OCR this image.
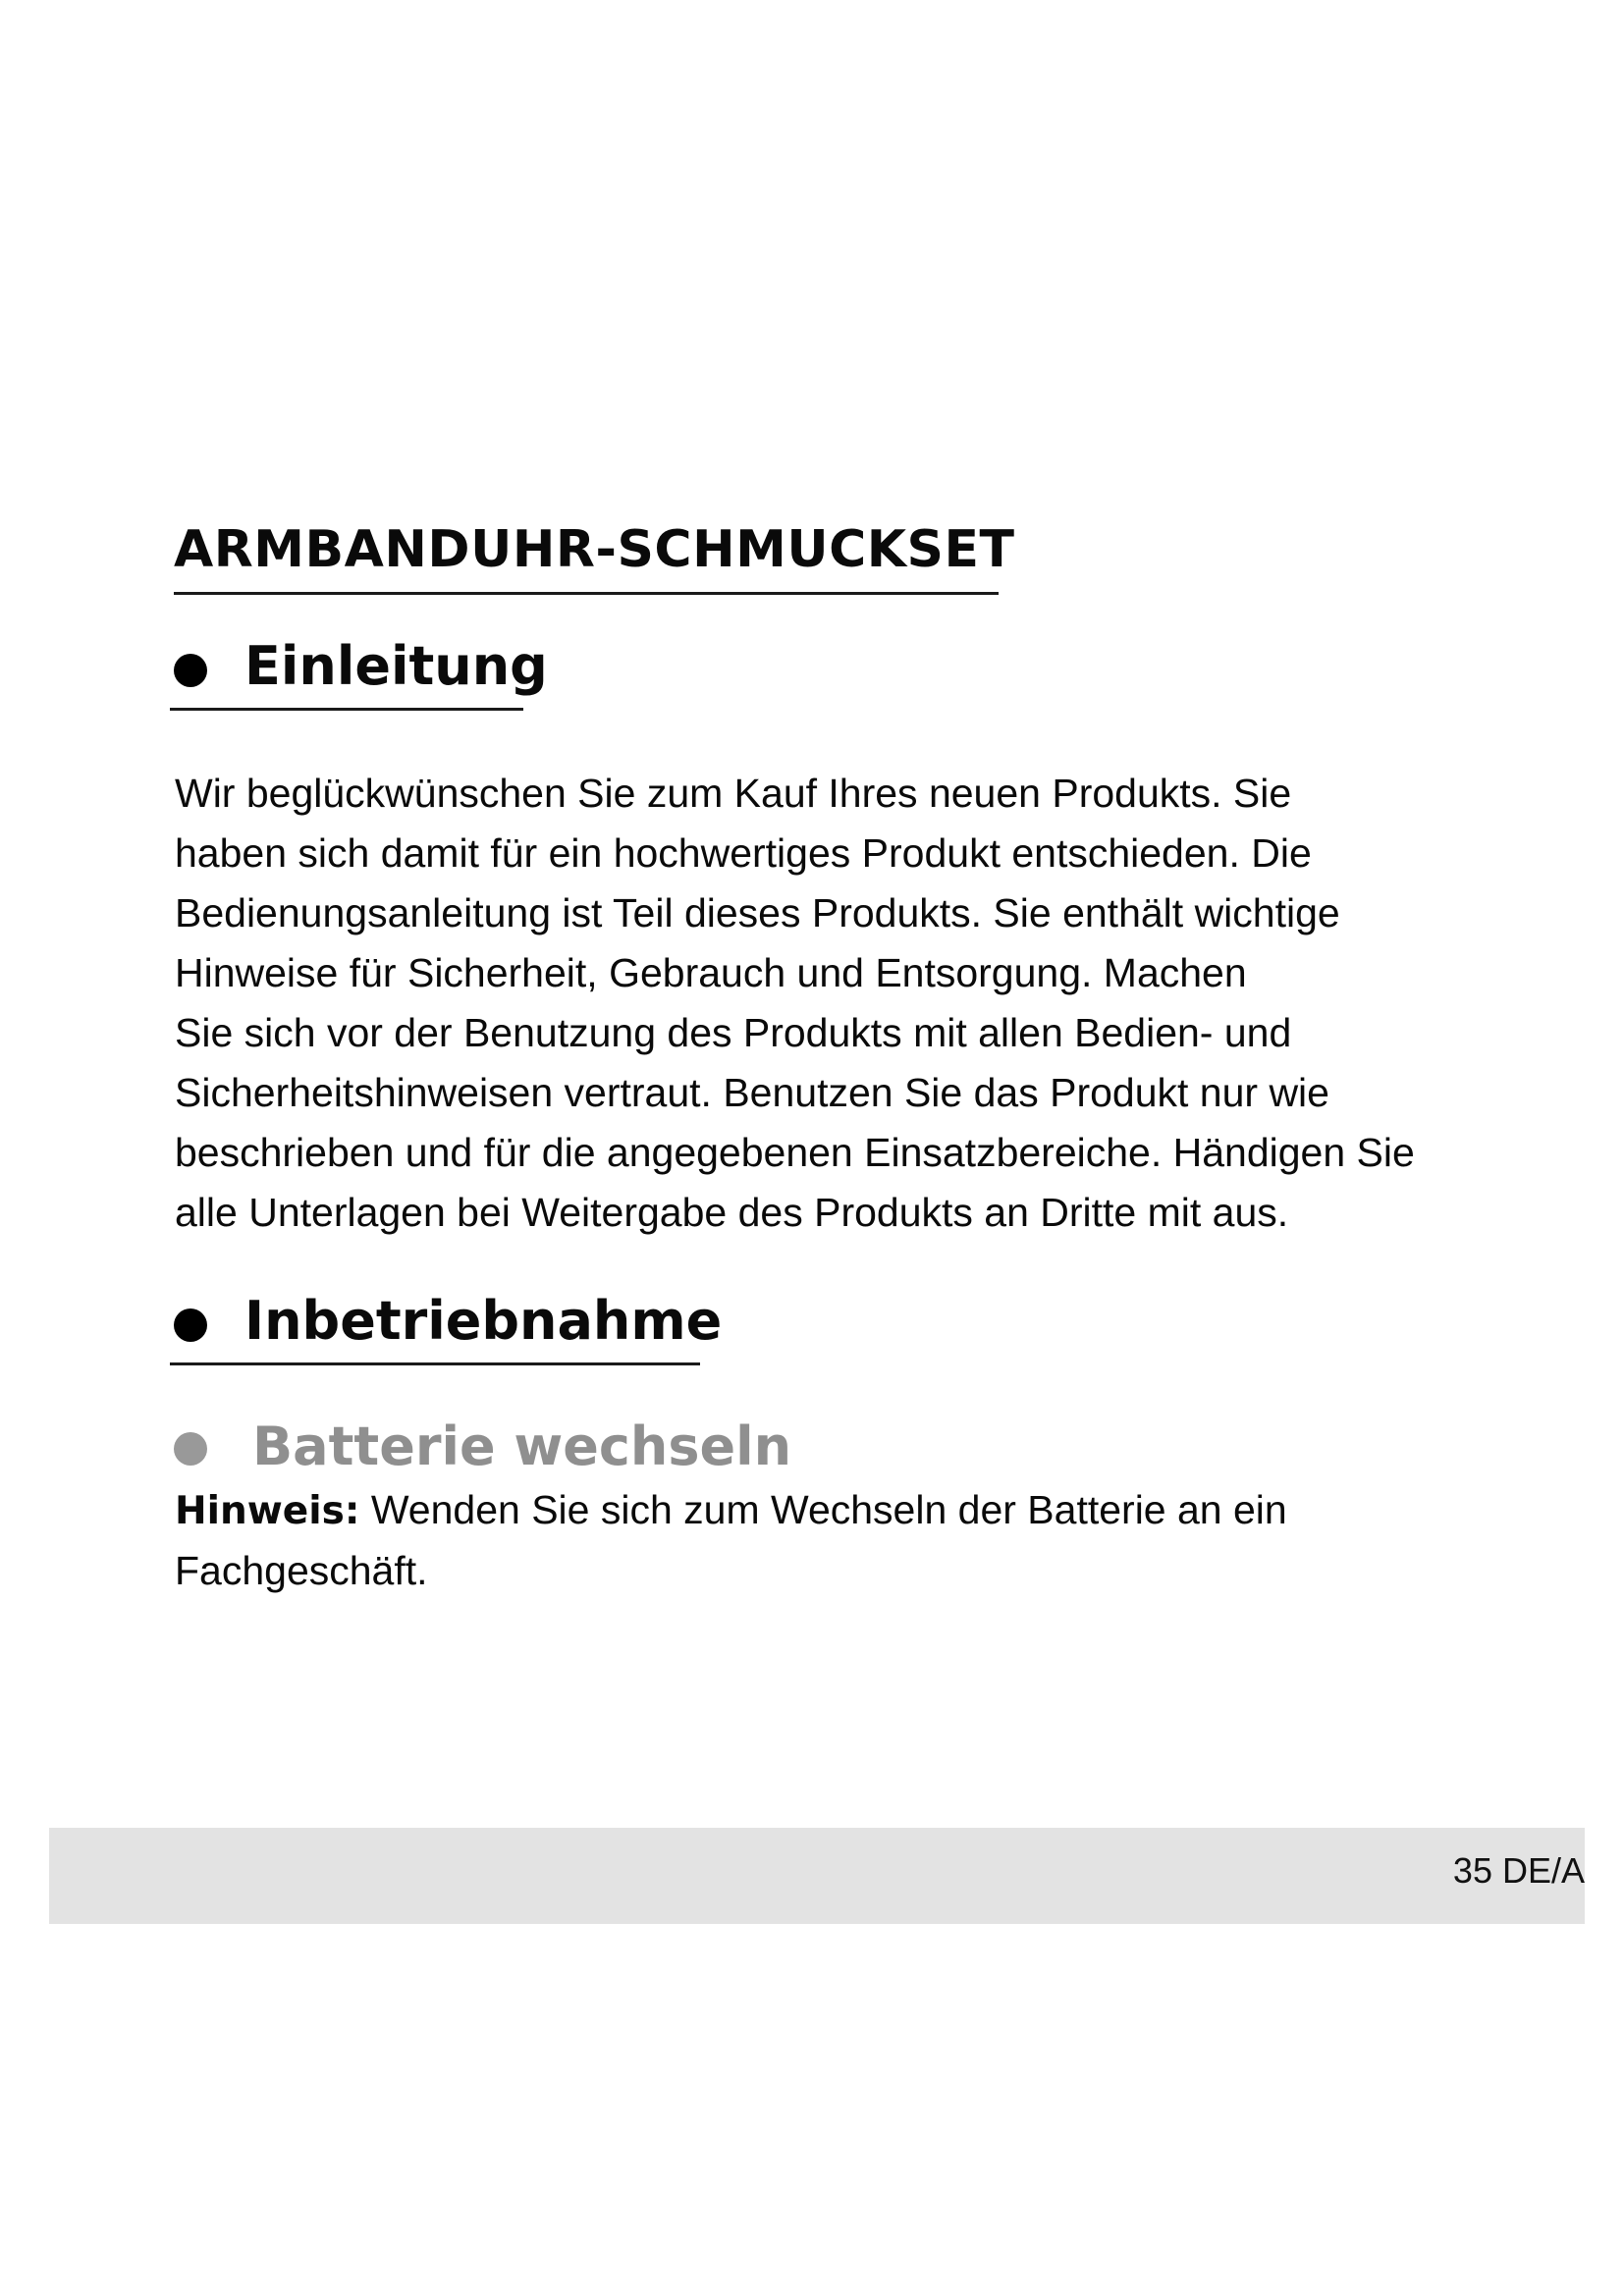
ARMBANDUHR-SCHMUCKSET
Einleitung

Wir beglückwünschen Sie zum Kauf Ihres neuen Produkts. Sie
haben sich damit für ein hochwertiges Produkt entschieden. Die
Bedienungsanleitung ist Teil dieses Produkts. Sie enthält wichtige
Hinweise für Sicherheit, Gebrauch und Entsorgung. Machen
Sie sich vor der Benutzung des Produkts mit allen Bedien- und
Sicherheitshinweisen vertraut. Benutzen Sie das Produkt nur wie
beschrieben und für die angegebenen Einsatzbereiche. Händigen Sie
alle Unterlagen bei Weitergabe des Produkts an Dritte mit aus.

Inbetriebnahme
Batterie wechseln

Hinweis: Wenden Sie sich zum Wechseln der Batterie an ein Fachgeschäft.

35 DE/A
